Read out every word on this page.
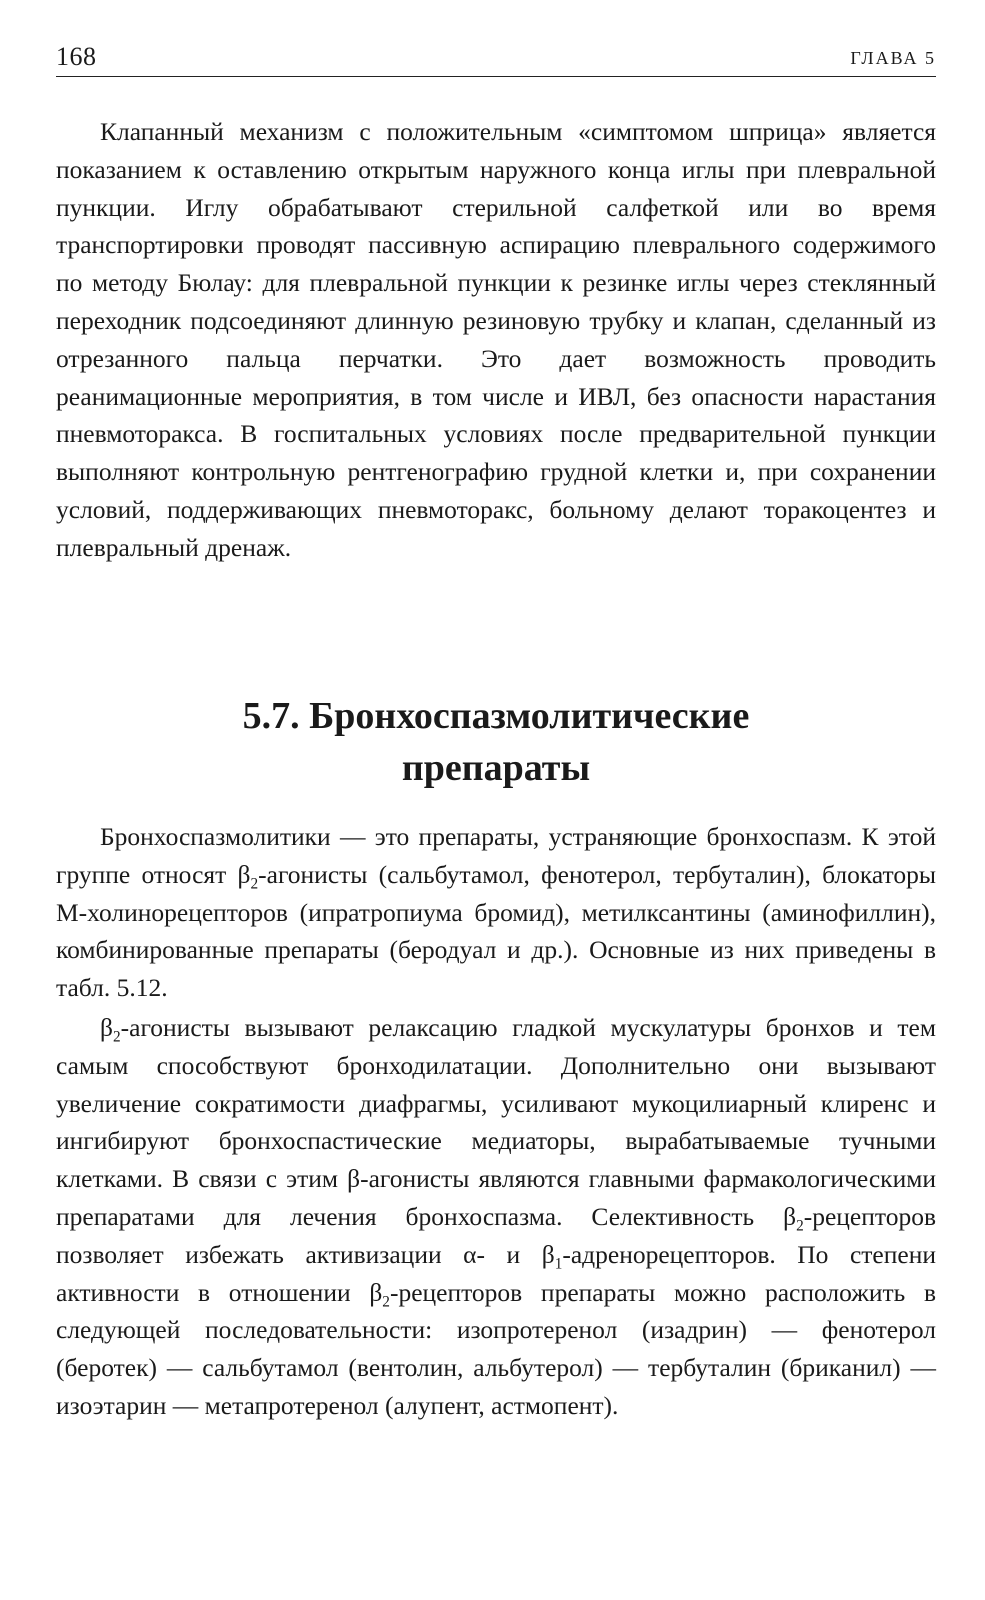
168	ГЛАВА 5

Клапанный механизм с положительным «симптомом шприца» является показанием к оставлению открытым наружного конца иглы при плевральной пункции. Иглу обрабатывают стерильной салфеткой или во время транспортировки проводят пассивную аспирацию плеврального содержимого по методу Бюлау: для плевральной пункции к резинке иглы через стеклянный переходник подсоединяют длинную резиновую трубку и клапан, сделанный из отрезанного пальца перчатки. Это дает возможность проводить реанимационные мероприятия, в том числе и ИВЛ, без опасности нарастания пневмоторакса. В госпитальных условиях после предварительной пункции выполняют контрольную рентгенографию грудной клетки и, при сохранении условий, поддерживающих пневмоторакс, больному делают торакоцентез и плевральный дренаж.

5.7. Бронхоспазмолитические
препараты

Бронхоспазмолитики — это препараты, устраняющие бронхоспазм. К этой группе относят $\beta_2$-агонисты (сальбутамол, фенотерол, тербуталин), блокаторы М-холинорецепторов (ипратропиума бромид), метилксантины (аминофиллин), комбинированные препараты (беродуал и др.). Основные из них приведены в табл. 5.12.

$\beta_2$-агонисты вызывают релаксацию гладкой мускулатуры бронхов и тем самым способствуют бронходилатации. Дополнительно они вызывают увеличение сократимости диафрагмы, усиливают мукоцилиарный клиренс и ингибируют бронхоспастические медиаторы, вырабатываемые тучными клетками. В связи с этим β-агонисты являются главными фармакологическими препаратами для лечения бронхоспазма. Селективность $\beta_2$-рецепторов позволяет избежать активизации α- и $\beta_1$-адренорецепторов. По степени активности в отношении $\beta_2$-рецепторов препараты можно расположить в следующей последовательности: изопротеренол (изадрин) — фенотерол (беротек) — сальбутамол (вентолин, альбутерол) — тербуталин (бриканил) — изоэтарин — метапротеренол (алупент, астмопент).
